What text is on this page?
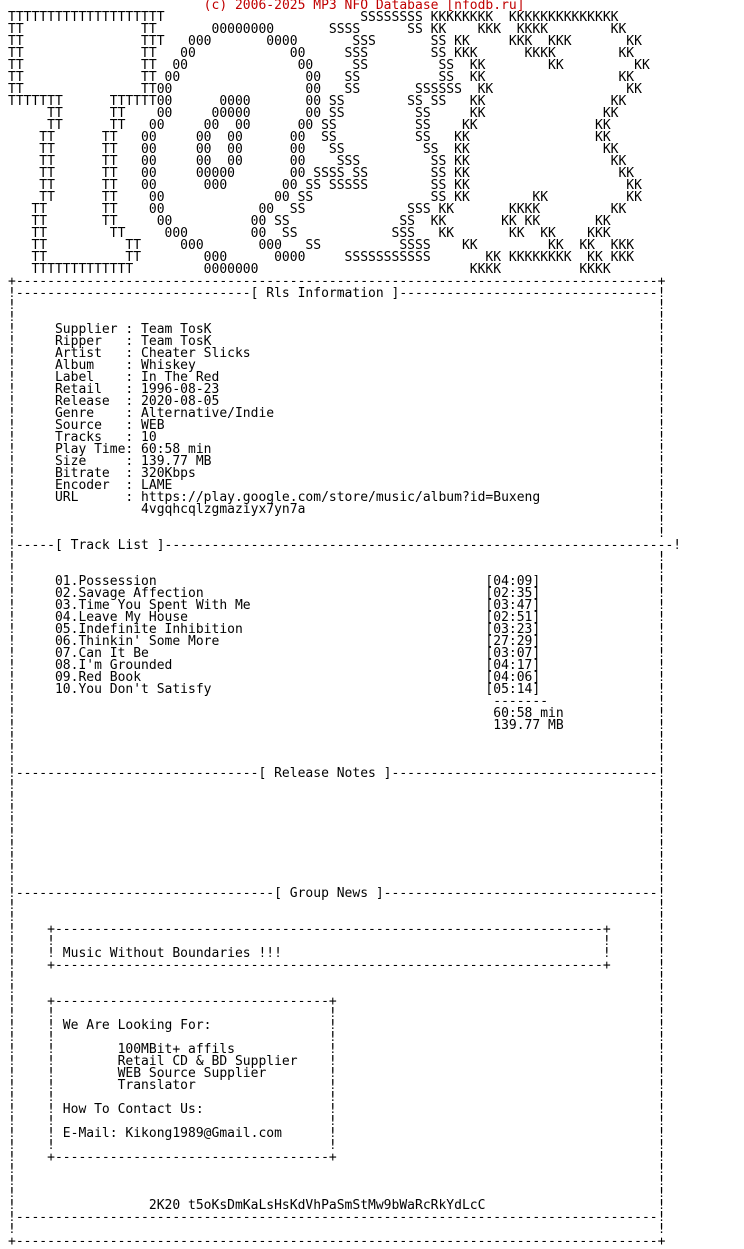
(c) 2006-2025 MP3 NFO Database [nfodb.ru]
TTTTTTTTTTTTTTTTTTTT                         SSSSSSSS KKKKKKKK  KKKKKKKKKKKKKK
TT               TT       00000000       SSSS      SS KK    KKK  KKKK        KK
TT               TTT   000       0000       SSS       SS KK     KKK  KKK       KK
TT               TT   00            00     SSS        SS KKK      KKKK        KK
TT               TT  00              00     SS         SS  KK        KK         KK
TT               TT 00                00   SS          SS  KK                 KK
TT               TT00                 00   SS       SSSSSS  KK                 KK
TTTTTTT      TTTTTT00      0000       00 SS        SS SS   KK                KK
TT      TT    00     00000       00 SS         SS     KK               KK
TT      TT   00     00  00      00 SS          SS    KK               KK
TT      TT   00     00  00      00  SS          SS   KK                KK
TT      TT   00     00  00      00   SS          SS  KK                 KK
TT      TT   00     00  00      00    SSS         SS KK                  KK
TT      TT   00     00000       00 SSSS SS        SS KK                   KK
TT      TT   00      000       00 SS SSSSS        SS KK                    KK
TT      TT    00              00 SS               SS KK        KK          KK
TT       TT    00            00  SS             SSS KK       KKKK         KK
TT       TT     00          00 SS              SS  KK       KK KK       KK
TT        TT     000        00  SS            SSS   KK       KK  KK    KKK
TT          TT     000       000   SS          SSSS    KK         KK  KK  KKK
TT          TT        000      0000     SSSSSSSSSSS       KK KKKKKKKK  KK KKK
TTTTTTTTTTTTT         0000000                           KKKK          KKKK
+----------------------------------------------------------------------------------+
!------------------------------[ Rls Information ]---------------------------------!
!                                                                                  !
!                                                                                  !
!     Supplier : Team TosK                                                         !
!     Ripper   : Team TosK                                                         !
!     Artist   : Cheater Slicks                                                    !
!     Album    : Whiskey                                                           !
!     Label    : In The Red                                                        !
!     Retail   : 1996-08-23                                                        !
!     Release  : 2020-08-05                                                        !
!     Genre    : Alternative/Indie                                                 !
!     Source   : WEB                                                               !
!     Tracks   : 10                                                                !
!     Play Time: 60:58 min                                                         !
!     Size     : 139.77 MB                                                         !
!     Bitrate  : 320Kbps                                                           !
!     Encoder  : LAME                                                              !
!     URL      : https://play.google.com/store/music/album?id=Buxeng               !
!                4vgqhcqlzgmaziyx7yn7a                                             !
!                                                                                  !
!                                                                                  !
!-----[ Track List ]-----------------------------------------------------------------!
!                                                                                  !
!                                                                                  !
!     01.Possession                                          [04:09]               !
!     02.Savage Affection                                    [02:35]               !
!     03.Time You Spent With Me                              [03:47]               !
!     04.Leave My House                                      [02:51]               !
!     05.Indefinite Inhibition                               [03:23]               !
!     06.Thinkin' Some More                                  [27:29]               !
!     07.Can It Be                                           [03:07]               !
!     08.I'm Grounded                                        [04:17]               !
!     09.Red Book                                            [04:06]               !
!     10.You Don't Satisfy                                   [05:14]               !
!                                                             -------              !
!                                                             60:58 min            !
!                                                             139.77 MB            !
!                                                                                  !
!                                                                                  !
!                                                                                  !
!-------------------------------[ Release Notes ]----------------------------------!
!                                                                                  !
!                                                                                  !
!                                                                                  !
!                                                                                  !
!                                                                                  !
!                                                                                  !
!                                                                                  !
!                                                                                  !
!                                                                                  !
!---------------------------------[ Group News ]-----------------------------------!
!                                                                                  !
!                                                                                  !
!    +----------------------------------------------------------------------+      !
!    !                                                                      !      !
!    ! Music Without Boundaries !!!                                         !      !
!    +----------------------------------------------------------------------+      !
!                                                                                  !
!                                                                                  !
!    +-----------------------------------+                                         !
!    !                                   !                                         !
!    ! We Are Looking For:               !                                         !
!    !                                   !                                         !
!    !        100MBit+ affils            !                                         !
!    !        Retail CD & BD Supplier    !                                         !
!    !        WEB Source Supplier        !                                         !
!    !        Translator                 !                                         !
!    !                                   !                                         !
!    ! How To Contact Us:                !                                         !
!    !                                   !                                         !
!    ! E-Mail: Kikong1989@Gmail.com      !                                         !
!    !                                   !                                         !
!    +-----------------------------------+                                         !
!                                                                                  !
!                                                                                  !
!                                                                                  !
!                 2K20 t5oKsDmKaLsHsKdVhPaSmStMw9bWaRcRkYdLcC                      !
!----------------------------------------------------------------------------------!
!                                                                                  !
+----------------------------------------------------------------------------------+
